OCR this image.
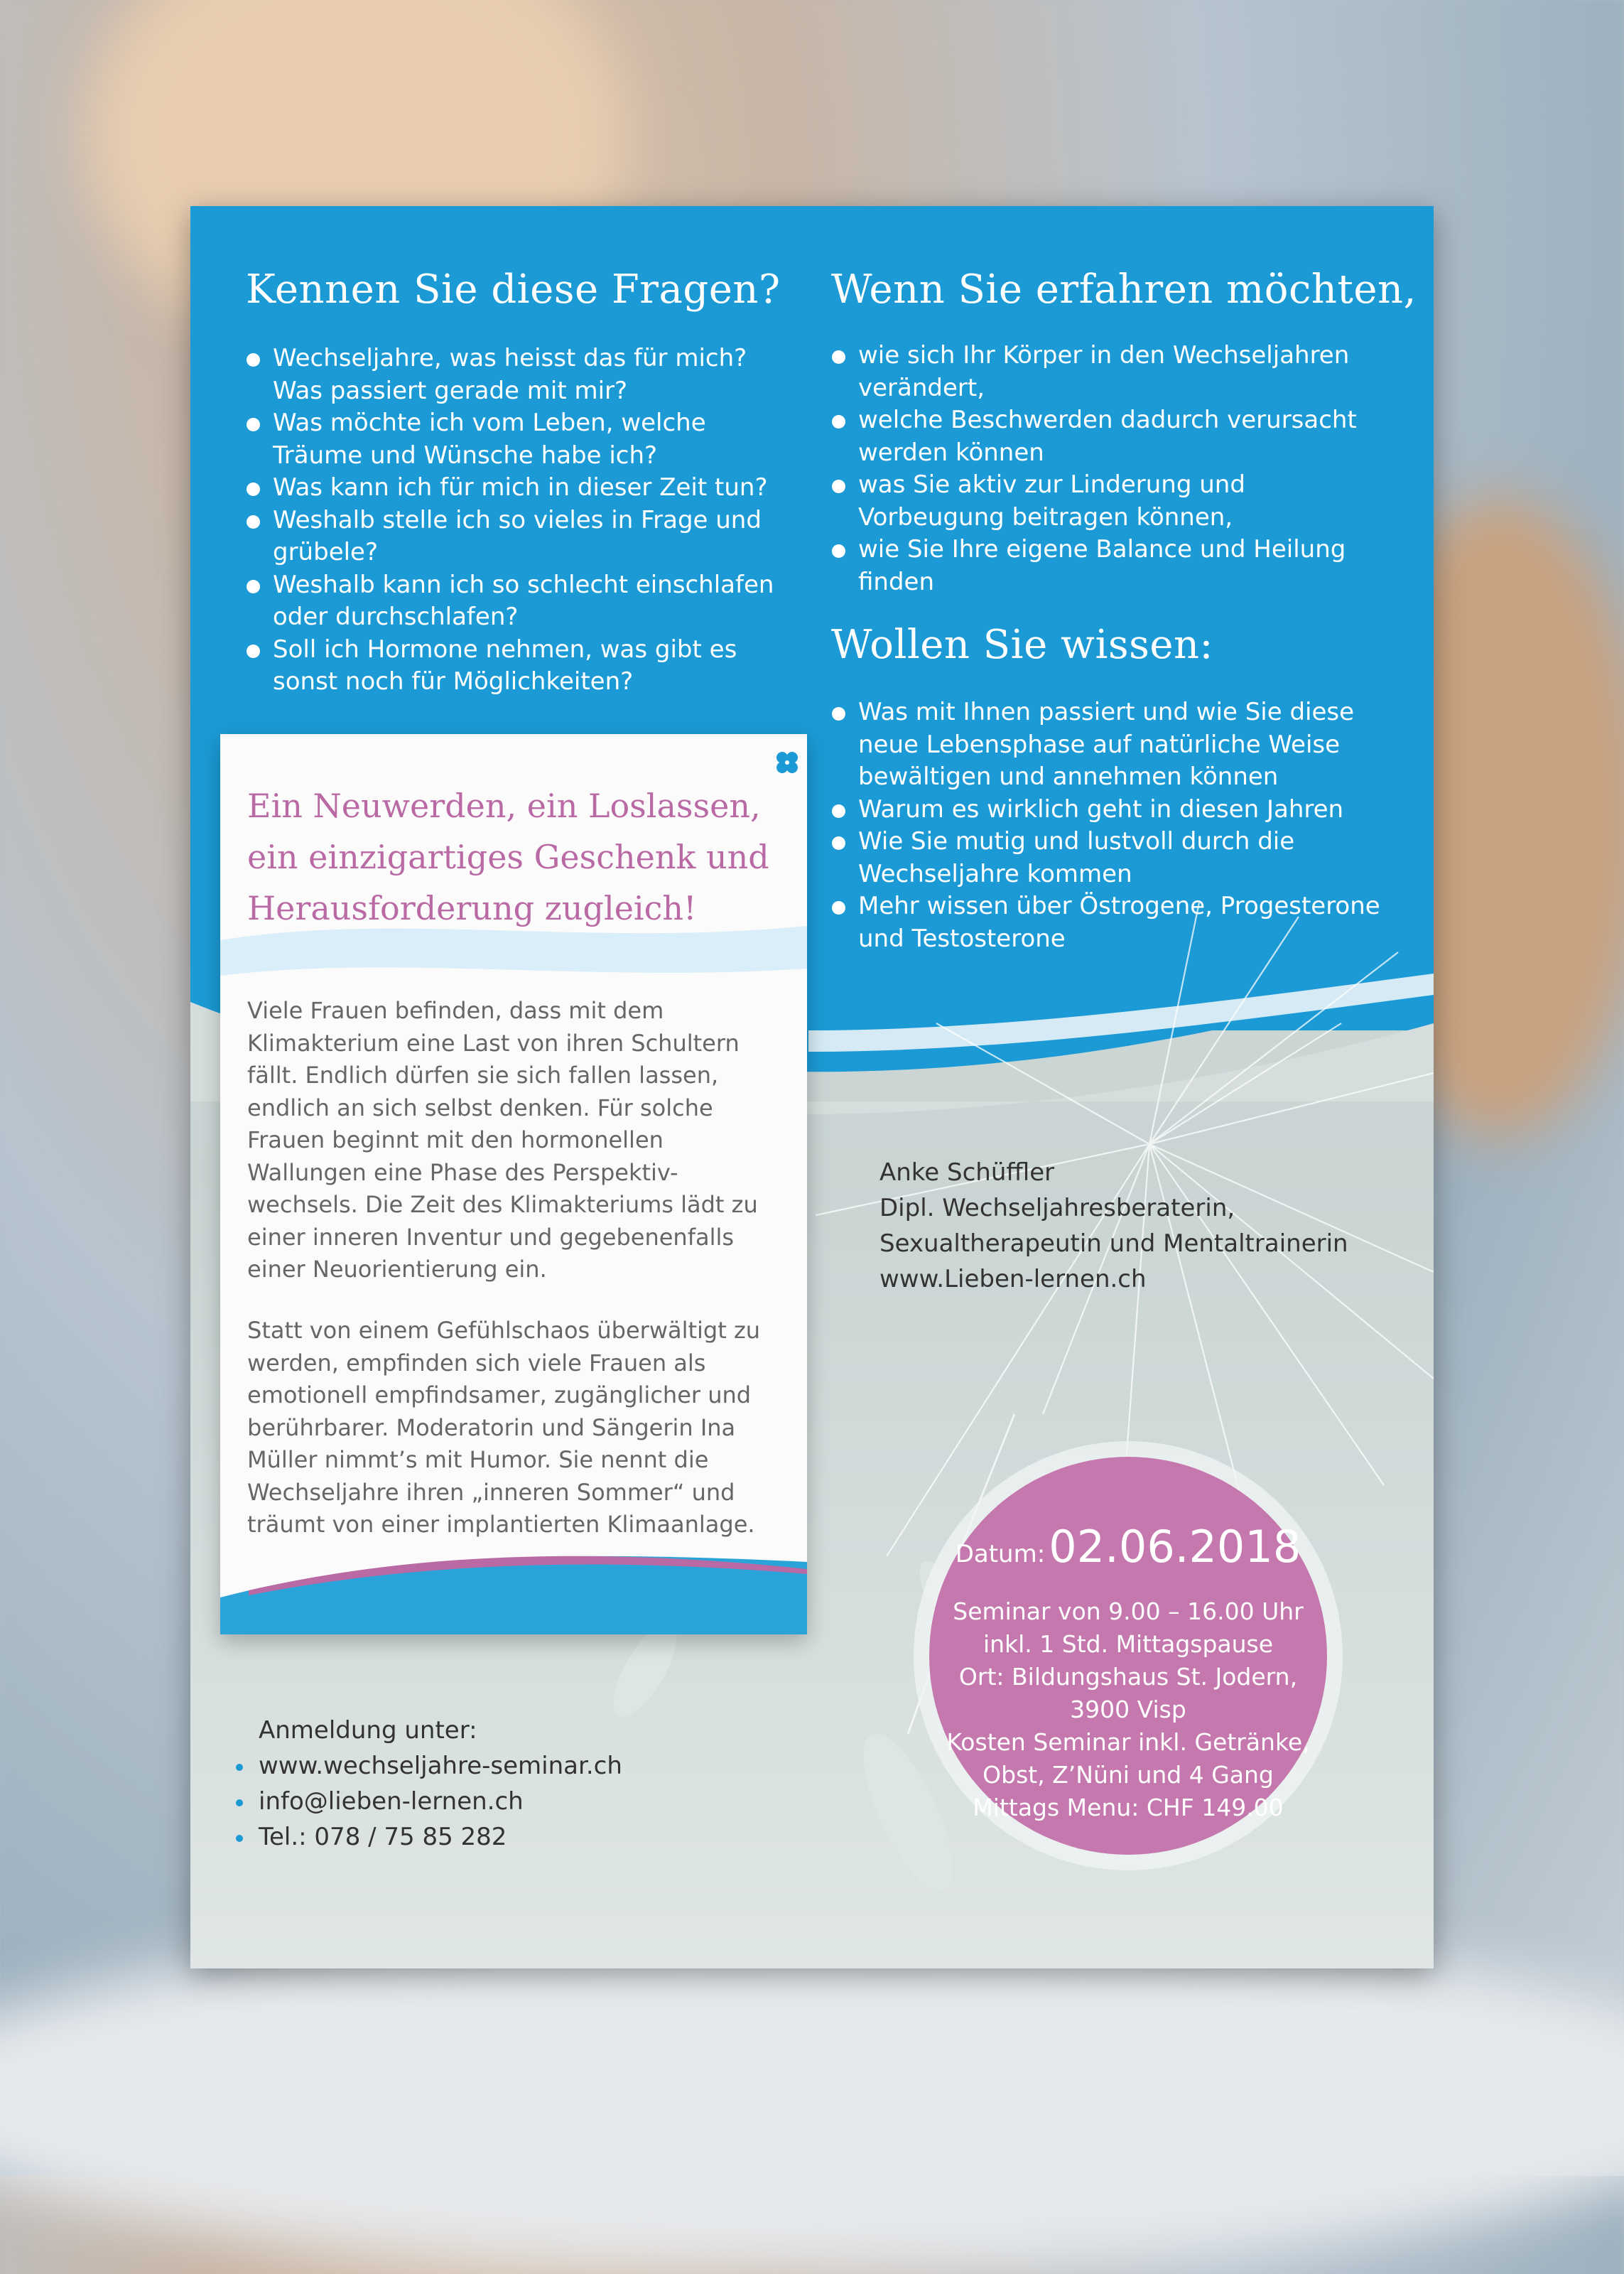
Kennen Sie diese Fragen?
Wechseljahre, was heisst das für mich? Was passiert gerade mit mir?
Was möchte ich vom Leben, welche Träume und Wünsche habe ich?
Was kann ich für mich in dieser Zeit tun?
Weshalb stelle ich so vieles in Frage und grübele?
Weshalb kann ich so schlecht einschlafen oder durchschlafen?
Soll ich Hormone nehmen, was gibt es sonst noch für Möglichkeiten?
Wenn Sie erfahren möchten,
wie sich Ihr Körper in den Wechseljahren verändert,
welche Beschwerden dadurch verursacht werden können
was Sie aktiv zur Linderung und Vorbeugung beitragen können,
wie Sie Ihre eigene Balance und Heilung finden
Wollen Sie wissen:
Was mit Ihnen passiert und wie Sie diese neue Lebensphase auf natürliche Weise bewältigen und annehmen können
Warum es wirklich geht in diesen Jahren
Wie Sie mutig und lustvoll durch die Wechseljahre kommen
Mehr wissen über Östrogene, Progesterone und Testosterone
Ein Neuwerden, ein Loslassen,
ein einzigartiges Geschenk und
Herausforderung zugleich!
Viele Frauen befinden, dass mit dem
Klimakterium eine Last von ihren Schultern
fällt. Endlich dürfen sie sich fallen lassen,
endlich an sich selbst denken. Für solche
Frauen beginnt mit den hormonellen
Wallungen eine Phase des Perspektiv-
wechsels. Die Zeit des Klimakteriums lädt zu
einer inneren Inventur und gegebenenfalls
einer Neuorientierung ein.
Statt von einem Gefühlschaos überwältigt zu
werden, empfinden sich viele Frauen als
emotionell empfindsamer, zugänglicher und
berührbarer. Moderatorin und Sängerin Ina
Müller nimmt’s mit Humor. Sie nennt die
Wechseljahre ihren „inneren Sommer“ und
träumt von einer implantierten Klimaanlage.
Anke Schüffler
Dipl. Wechseljahresberaterin,
Sexualtherapeutin und Mentaltrainerin
www.Lieben-lernen.ch
Datum: 02.06.2018
Seminar von 9.00 – 16.00 Uhr
inkl. 1 Std. Mittagspause
Ort: Bildungshaus St. Jodern,
3900 Visp
Kosten Seminar inkl. Getränke,
Obst, Z’Nüni und 4 Gang
Mittags Menu: CHF 149.00
Anmeldung unter:
www.wechseljahre-seminar.ch
info@lieben-lernen.ch
Tel.: 078 / 75 85 282
